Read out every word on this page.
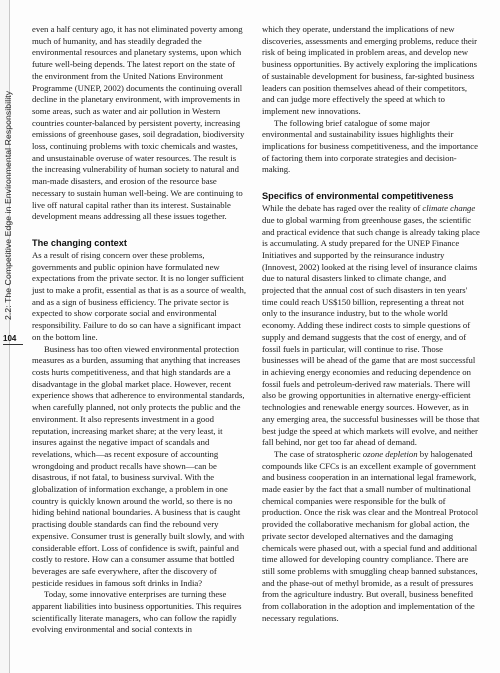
2.2: The Competitive Edge in Environmental Responsibility
104

even a half century ago, it has not eliminated poverty among much of humanity, and has steadily degraded the environmental resources and planetary systems, upon which future well-being depends. The latest report on the state of the environment from the United Nations Environment Programme (UNEP, 2002) documents the continuing overall decline in the planetary environment, with improvements in some areas, such as water and air pollution in Western countries counter-balanced by persistent poverty, increasing emissions of greenhouse gases, soil degradation, biodiversity loss, continuing problems with toxic chemicals and wastes, and unsustainable overuse of water resources. The result is the increasing vulnerability of human society to natural and man-made disasters, and erosion of the resource base necessary to sustain human well-being. We are continuing to live off natural capital rather than its interest. Sustainable development means addressing all these issues together.

The changing context

As a result of rising concern over these problems, governments and public opinion have formulated new expectations from the private sector. It is no longer sufficient just to make a profit, essential as that is as a source of wealth, and as a sign of business efficiency. The private sector is expected to show corporate social and environmental responsibility. Failure to do so can have a significant impact on the bottom line.

Business has too often viewed environmental protection measures as a burden, assuming that anything that increases costs hurts competitiveness, and that high standards are a disadvantage in the global market place. However, recent experience shows that adherence to environmental standards, when carefully planned, not only protects the public and the environment. It also represents investment in a good reputation, increasing market share; at the very least, it insures against the negative impact of scandals and revelations, which—as recent exposure of accounting wrongdoing and product recalls have shown—can be disastrous, if not fatal, to business survival. With the globalization of information exchange, a problem in one country is quickly known around the world, so there is no hiding behind national boundaries. A business that is caught practising double standards can find the rebound very expensive. Consumer trust is generally built slowly, and with considerable effort. Loss of confidence is swift, painful and costly to restore. How can a consumer assume that bottled beverages are safe everywhere, after the discovery of pesticide residues in famous soft drinks in India?

Today, some innovative enterprises are turning these apparent liabilities into business opportunities. This requires scientifically literate managers, who can follow the rapidly evolving environmental and social contexts in

which they operate, understand the implications of new discoveries, assessments and emerging problems, reduce their risk of being implicated in problem areas, and develop new business opportunities. By actively exploring the implications of sustainable development for business, far-sighted business leaders can position themselves ahead of their competitors, and can judge more effectively the speed at which to implement new innovations.

The following brief catalogue of some major environmental and sustainability issues highlights their implications for business competitiveness, and the importance of factoring them into corporate strategies and decision-making.

Specifics of environmental competitiveness

While the debate has raged over the reality of climate change due to global warming from greenhouse gases, the scientific and practical evidence that such change is already taking place is accumulating. A study prepared for the UNEP Finance Initiatives and supported by the reinsurance industry (Innovest, 2002) looked at the rising level of insurance claims due to natural disasters linked to climate change, and projected that the annual cost of such disasters in ten years' time could reach US$150 billion, representing a threat not only to the insurance industry, but to the whole world economy. Adding these indirect costs to simple questions of supply and demand suggests that the cost of energy, and of fossil fuels in particular, will continue to rise. Those businesses will be ahead of the game that are most successful in achieving energy economies and reducing dependence on fossil fuels and petroleum-derived raw materials. There will also be growing opportunities in alternative energy-efficient technologies and renewable energy sources. However, as in any emerging area, the successful businesses will be those that best judge the speed at which markets will evolve, and neither fall behind, nor get too far ahead of demand.

The case of stratospheric ozone depletion by halogenated compounds like CFCs is an excellent example of government and business cooperation in an international legal framework, made easier by the fact that a small number of multinational chemical companies were responsible for the bulk of production. Once the risk was clear and the Montreal Protocol provided the collaborative mechanism for global action, the private sector developed alternatives and the damaging chemicals were phased out, with a special fund and additional time allowed for developing country compliance. There are still some problems with smuggling cheap banned substances, and the phase-out of methyl bromide, as a result of pressures from the agriculture industry. But overall, business benefited from collaboration in the adoption and implementation of the necessary regulations.
